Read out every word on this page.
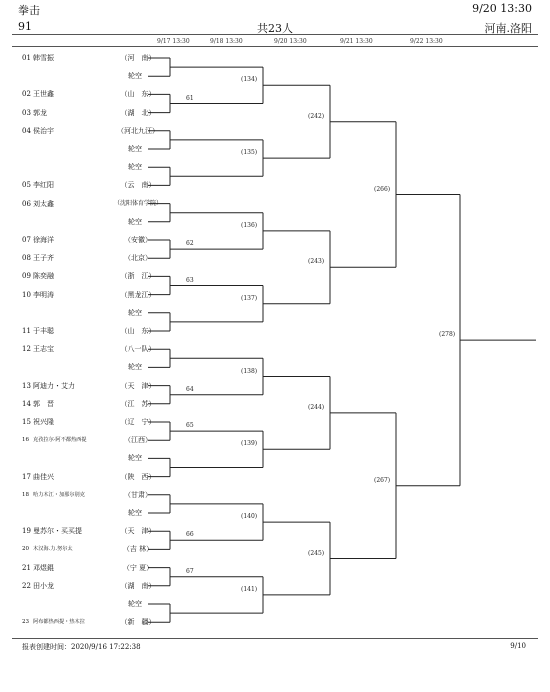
拳击	9/20 13:30
91	共23人	河南.洛阳
9/17 13:30	9/18 13:30	9/20 13:30	9/21 13:30	9/22 13:30
01 韩雪振	（河　南）
轮空
02 王世鑫	（山　东）
03 郭龙	（湖　北）
04 侯治宇	（河北九江）
轮空
轮空
05 李红阳	（云　南）
06 刘太鑫	（沈阳体育学院）
轮空
07 徐海洋	（安徽）
08 王子齐	（北京）
09 陈奕融	（浙　江）
10 李明涛	（黑龙江）
轮空
11 于丰聪	（山　东）
12 王志宝	（八一队）
轮空
13 阿迪力・艾力	（天　津）
14 郭　晋	（江　苏）
15 祝兴隆	（辽　宁）
16 克孜拉尔·阿不都热西提	（江西）
轮空
17 曲佳兴	（陕　西）
18 哈力木江・加那尔别克	（甘肃）
轮空
19 曼苏尔・买买提	（天　津）
20 木汉海.力.努尔太	（吉 林）
21 邓煜錕	（宁 夏）
22 田小龙	（湖　南）
轮空
23 阿布都热西提・热木拉	（新　疆）
61
62
63
64
65
66
67
(134)
(135)
(136)
(137)
(138)
(139)
(140)
(141)
(242)
(243)
(244)
(245)
(266)
(267)
(278)
报表创建时间：2020/9/16 17:22:38	9/10
